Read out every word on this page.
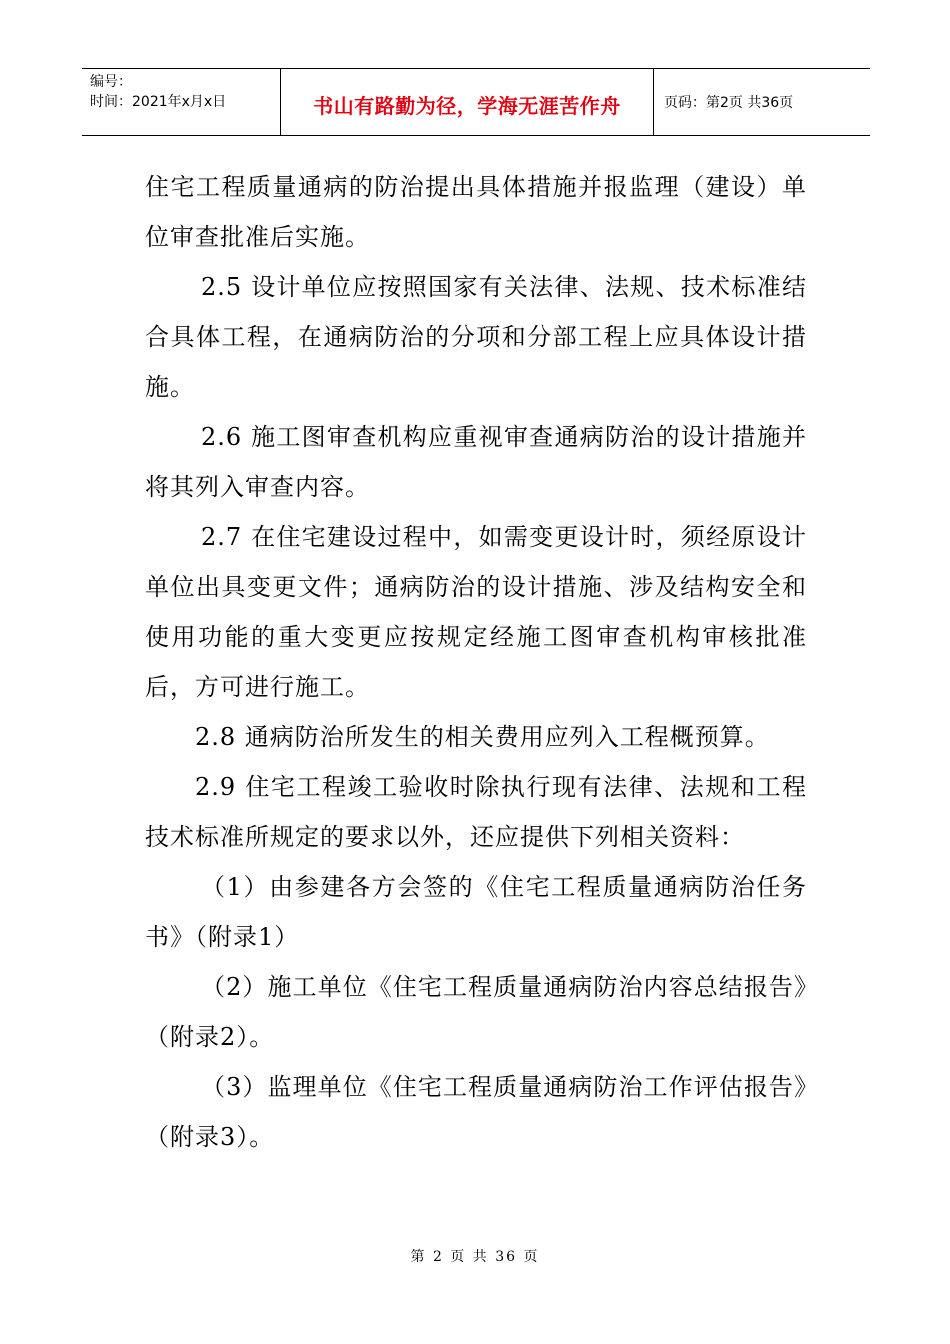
编号：
时间：2021年x月x日	书山有路勤为径，学海无涯苦作舟	页码：第2页 共36页

住宅工程质量通病的防治提出具体措施并报监理（建设）单位审查批准后实施。

2.5 设计单位应按照国家有关法律、法规、技术标准结合具体工程，在通病防治的分项和分部工程上应具体设计措施。

2.6 施工图审查机构应重视审查通病防治的设计措施并将其列入审查内容。

2.7 在住宅建设过程中，如需变更设计时，须经原设计单位出具变更文件；通病防治的设计措施、涉及结构安全和使用功能的重大变更应按规定经施工图审查机构审核批准后，方可进行施工。

2.8 通病防治所发生的相关费用应列入工程概预算。

2.9 住宅工程竣工验收时除执行现有法律、法规和工程技术标准所规定的要求以外，还应提供下列相关资料：

（1）由参建各方会签的《住宅工程质量通病防治任务书》（附录1）

（2）施工单位《住宅工程质量通病防治内容总结报告》（附录2）。

（3）监理单位《住宅工程质量通病防治工作评估报告》（附录3）。

第 2 页 共 36 页
